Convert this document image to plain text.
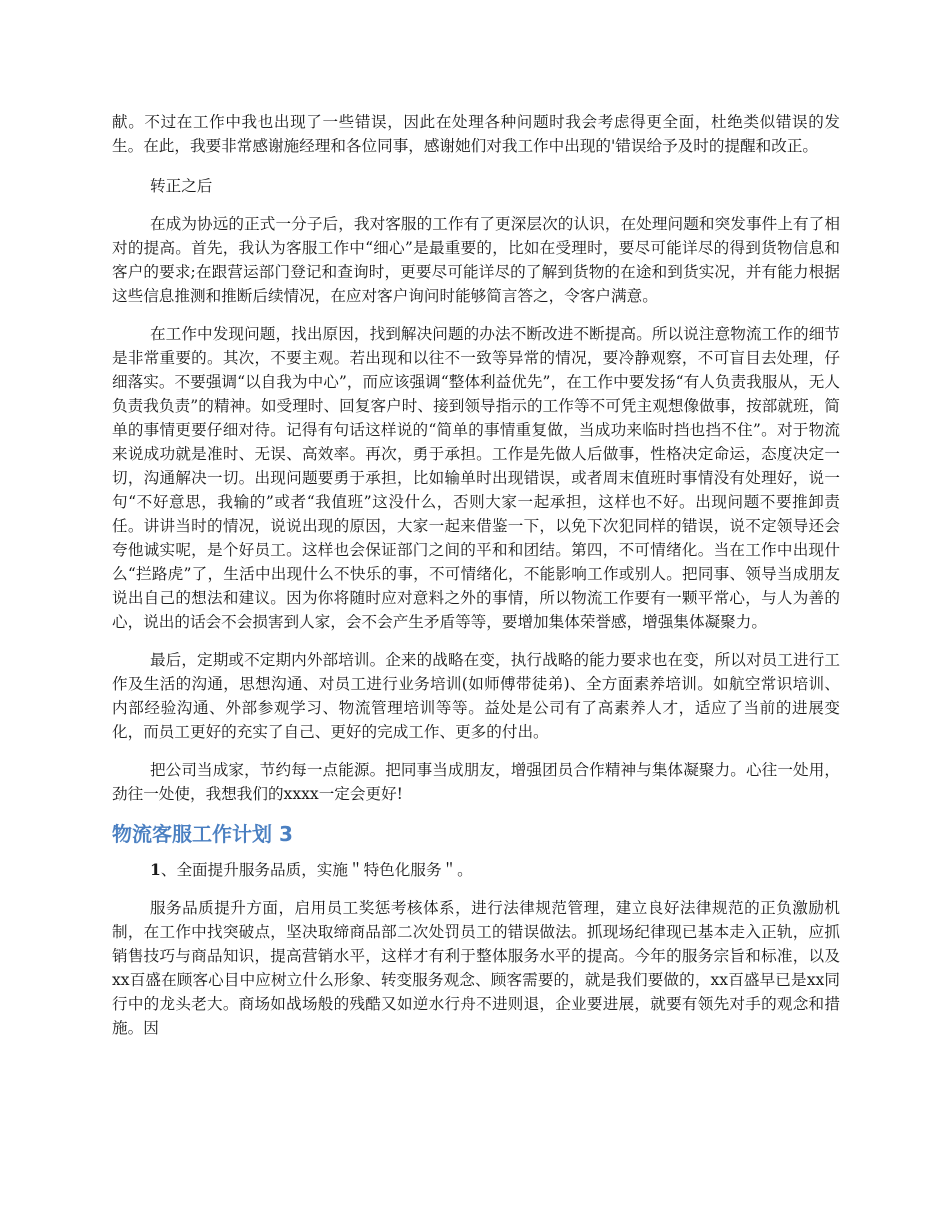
献。不过在工作中我也出现了一些错误，因此在处理各种问题时我会考虑得更全面，杜绝类似错误的发生。在此，我要非常感谢施经理和各位同事，感谢她们对我工作中出现的'错误给予及时的提醒和改正。

转正之后

在成为协远的正式一分子后，我对客服的工作有了更深层次的认识，在处理问题和突发事件上有了相对的提高。首先，我认为客服工作中“细心”是最重要的，比如在受理时，要尽可能详尽的得到货物信息和客户的要求;在跟营运部门登记和查询时，更要尽可能详尽的了解到货物的在途和到货实况，并有能力根据这些信息推测和推断后续情况，在应对客户询问时能够简言答之，令客户满意。

在工作中发现问题，找出原因，找到解决问题的办法不断改进不断提高。所以说注意物流工作的细节是非常重要的。其次，不要主观。若出现和以往不一致等异常的情况，要冷静观察，不可盲目去处理，仔细落实。不要强调“以自我为中心”，而应该强调“整体利益优先”，在工作中要发扬“有人负责我服从，无人负责我负责”的精神。如受理时、回复客户时、接到领导指示的工作等不可凭主观想像做事，按部就班，简单的事情更要仔细对待。记得有句话这样说的“简单的事情重复做，当成功来临时挡也挡不住”。对于物流来说成功就是准时、无误、高效率。再次，勇于承担。工作是先做人后做事，性格决定命运，态度决定一切，沟通解决一切。出现问题要勇于承担，比如输单时出现错误，或者周末值班时事情没有处理好，说一句“不好意思，我输的”或者“我值班”这没什么，否则大家一起承担，这样也不好。出现问题不要推卸责任。讲讲当时的情况，说说出现的原因，大家一起来借鉴一下，以免下次犯同样的错误，说不定领导还会夸他诚实呢，是个好员工。这样也会保证部门之间的平和和团结。第四，不可情绪化。当在工作中出现什么“拦路虎”了，生活中出现什么不快乐的事，不可情绪化，不能影响工作或别人。把同事、领导当成朋友说出自己的想法和建议。因为你将随时应对意料之外的事情，所以物流工作要有一颗平常心，与人为善的心，说出的话会不会损害到人家，会不会产生矛盾等等，要增加集体荣誉感，增强集体凝聚力。

最后，定期或不定期内外部培训。企来的战略在变，执行战略的能力要求也在变，所以对员工进行工作及生活的沟通，思想沟通、对员工进行业务培训(如师傅带徒弟)、全方面素养培训。如航空常识培训、内部经验沟通、外部参观学习、物流管理培训等等。益处是公司有了高素养人才，适应了当前的进展变化，而员工更好的充实了自己、更好的完成工作、更多的付出。

把公司当成家，节约每一点能源。把同事当成朋友，增强团员合作精神与集体凝聚力。心往一处用，劲往一处使，我想我们的xxxx一定会更好!

物流客服工作计划 3

1、全面提升服务品质，实施＂特色化服务＂。

服务品质提升方面，启用员工奖惩考核体系，进行法律规范管理，建立良好法律规范的正负激励机制，在工作中找突破点，坚决取缔商品部二次处罚员工的错误做法。抓现场纪律现已基本走入正轨，应抓销售技巧与商品知识，提高营销水平，这样才有利于整体服务水平的提高。今年的服务宗旨和标准，以及xx百盛在顾客心目中应树立什么形象、转变服务观念、顾客需要的，就是我们要做的，xx百盛早已是xx同行中的龙头老大。商场如战场般的残酷又如逆水行舟不进则退，企业要进展，就要有领先对手的观念和措施。因
